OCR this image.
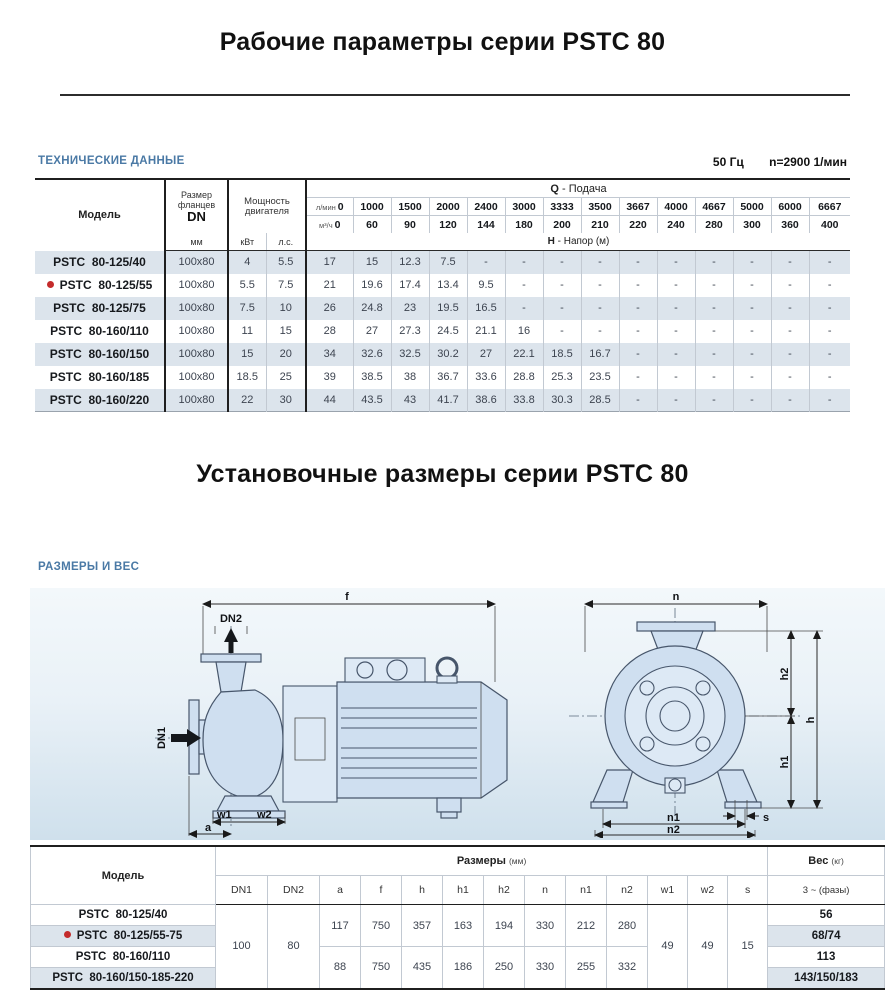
Рабочие параметры серии PSTC 80
ТЕХНИЧЕСКИЕ ДАННЫЕ	50 Гц n=2900 1/мин
Модель	Размер фланцев
DN	Мощность двигателя		Q - Подача													
				л/мин 0	1000	1500	2000	2400	3000	3333	3500	3667	4000	4667	5000	6000	6667
				м³/ч 0	60	90	120	144	180	200	210	220	240	280	300	360	400
	мм	кВт	л.с.	H - Напор (м)													
PSTC  80-125/40	100x80	4	5.5	17	15	12.3	7.5	-	-	-	-	-	-	-	-	-	-
PSTC  80-125/55	100x80	5.5	7.5	21	19.6	17.4	13.4	9.5	-	-	-	-	-	-	-	-	-
PSTC  80-125/75	100x80	7.5	10	26	24.8	23	19.5	16.5	-	-	-	-	-	-	-	-	-
PSTC  80-160/110	100x80	11	15	28	27	27.3	24.5	21.1	16	-	-	-	-	-	-	-	-
PSTC  80-160/150	100x80	15	20	34	32.6	32.5	30.2	27	22.1	18.5	16.7	-	-	-	-	-	-
PSTC  80-160/185	100x80	18.5	25	39	38.5	38	36.7	33.6	28.8	25.3	23.5	-	-	-	-	-	-
PSTC  80-160/220	100x80	22	30	44	43.5	43	41.7	38.6	33.8	30.3	28.5	-	-	-	-	-	-
Установочные размеры серии PSTC 80
РАЗМЕРЫ И ВЕС
f
DN2
DN1
w1 w2
a
n
h2
h1
h
s
n1
n2
Модель	Размеры (мм)													Вес (кг)
	DN1	DN2	a	f	h	h1	h2	n	n1	n2	w1	w2	s	3 ~ (фазы)
PSTC  80-125/40	100	80	117	750	357	163	194	330	212	280	49	49	15	56
PSTC  80-125/55-75														68/74
PSTC  80-160/110			88	750	435	186	250	330	255	332				113
PSTC  80-160/150-185-220														143/150/183
